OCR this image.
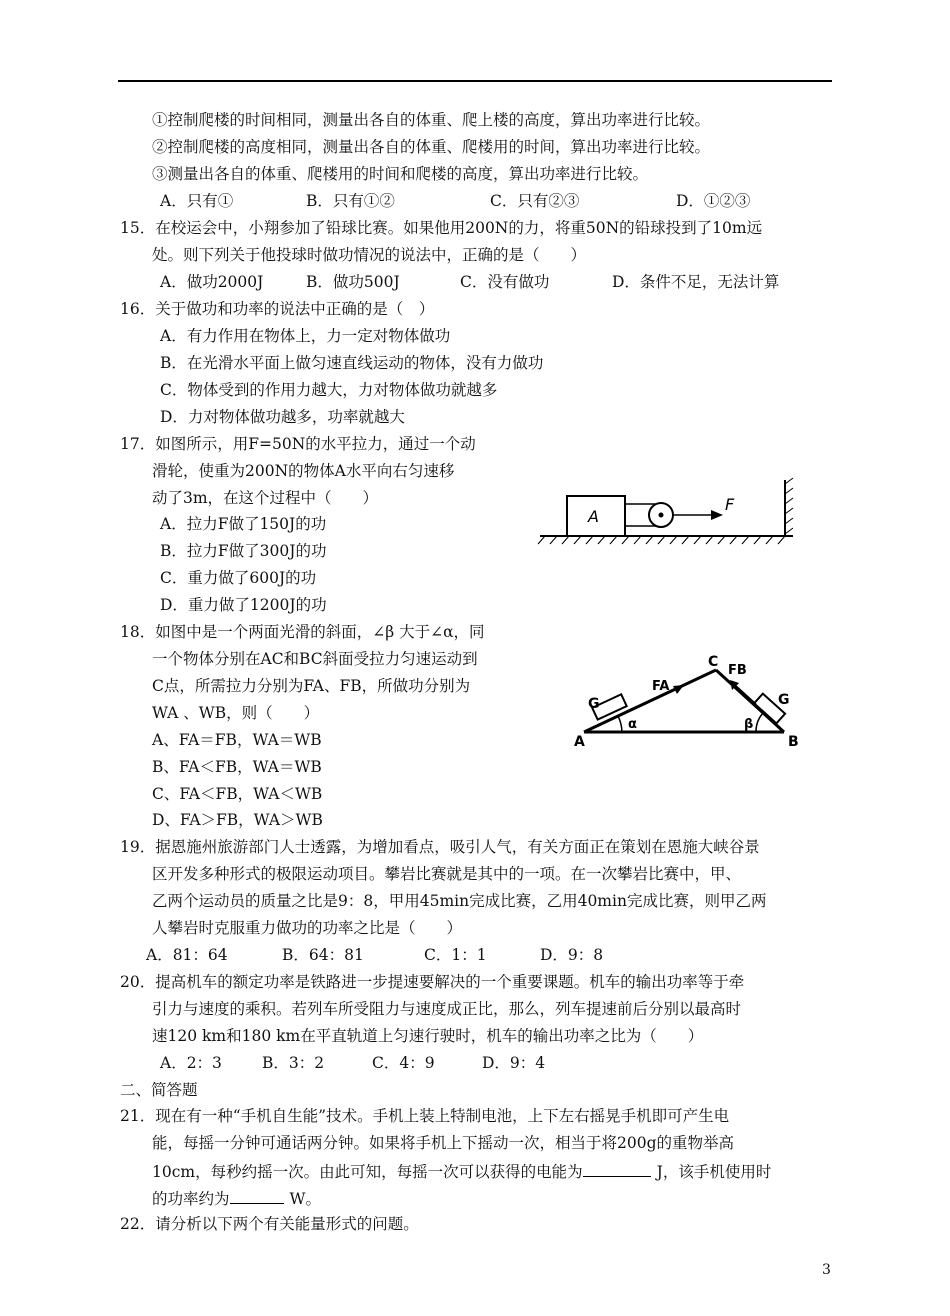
①控制爬楼的时间相同，测量出各自的体重、爬上楼的高度，算出功率进行比较。
②控制爬楼的高度相同，测量出各自的体重、爬楼用的时间，算出功率进行比较。
③测量出各自的体重、爬楼用的时间和爬楼的高度，算出功率进行比较。
A．只有①	B．只有①②	C．只有②③	D．①②③
15．在校运会中，小翔参加了铅球比赛。如果他用200N的力，将重50N的铅球投到了10m远
处。则下列关于他投球时做功情况的说法中，正确的是（　　）
A．做功2000J	B．做功500J	C．没有做功	D．条件不足，无法计算
16．关于做功和功率的说法中正确的是（　）
A．有力作用在物体上，力一定对物体做功
B．在光滑水平面上做匀速直线运动的物体，没有力做功
C．物体受到的作用力越大，力对物体做功就越多
D．力对物体做功越多，功率就越大
17．如图所示，用F=50N的水平拉力，通过一个动
滑轮，使重为200N的物体A水平向右匀速移
动了3m，在这个过程中（　　）
A．拉力F做了150J的功
B．拉力F做了300J的功
C．重力做了600J的功
D．重力做了1200J的功
A
F
18．如图中是一个两面光滑的斜面，∠β 大于∠α，同
一个物体分别在AC和BC斜面受拉力匀速运动到
C点，所需拉力分别为FA、FB，所做功分别为
WA 、WB，则（　　）
A、FA＝FB，WA＝WB
B、FA＜FB，WA＝WB
C、FA＜FB，WA＜WB
D、FA＞FB，WA＞WB
A	B
C
FA
FB
G	G
α	β
19．据恩施州旅游部门人士透露，为增加看点，吸引人气，有关方面正在策划在恩施大峡谷景
区开发多种形式的极限运动项目。攀岩比赛就是其中的一项。在一次攀岩比赛中，甲、
乙两个运动员的质量之比是9：8，甲用45min完成比赛，乙用40min完成比赛，则甲乙两
人攀岩时克服重力做功的功率之比是（　　）
A．81：64	B．64：81	C．1：1	D．9：8
20．提高机车的额定功率是铁路进一步提速要解决的一个重要课题。机车的输出功率等于牵
引力与速度的乘积。若列车所受阻力与速度成正比，那么，列车提速前后分别以最高时
速120 km和180 km在平直轨道上匀速行驶时，机车的输出功率之比为（　　）
A．2：3	B．3：2	C．4：9	D．9：4
二、简答题
21．现在有一种“手机自生能”技术。手机上装上特制电池，上下左右摇晃手机即可产生电
能，每摇一分钟可通话两分钟。如果将手机上下摇动一次，相当于将200g的重物举高
10cm，每秒约摇一次。由此可知，每摇一次可以获得的电能为	J，该手机使用时
的功率约为	W。
22．请分析以下两个有关能量形式的问题。
3
